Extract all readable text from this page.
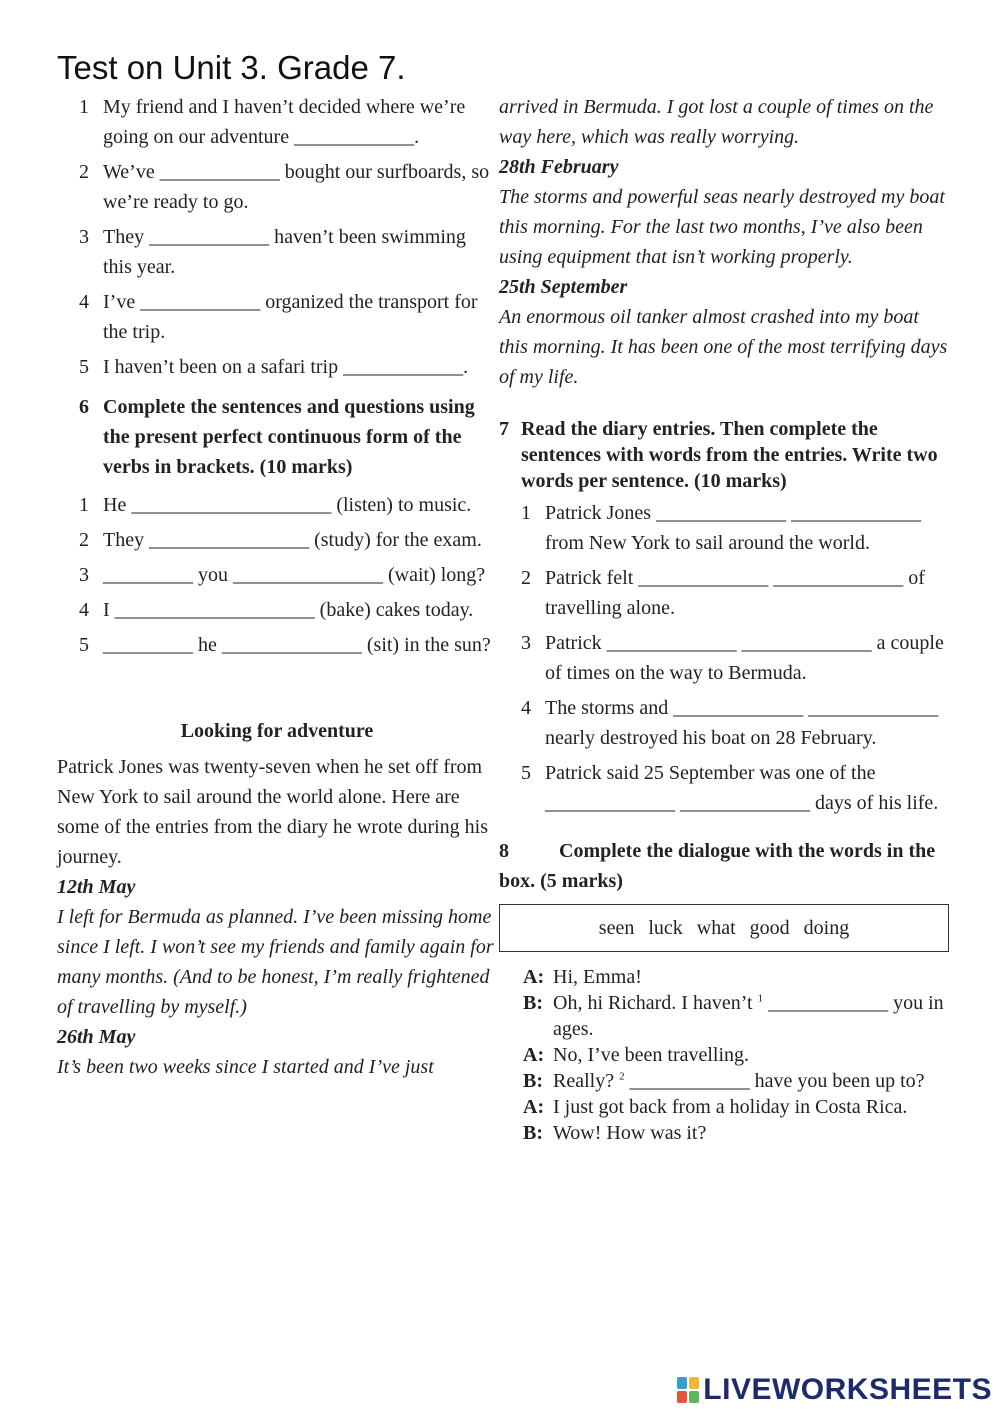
Test on Unit 3. Grade 7.
1 My friend and I haven’t decided where we’re going on our adventure ____________.
2 We’ve ____________ bought our surfboards, so we’re ready to go.
3 They ____________ haven’t been swimming this year.
4 I’ve ____________ organized the transport for the trip.
5 I haven’t been on a safari trip ____________.
6 Complete the sentences and questions using the present perfect continuous form of the verbs in brackets. (10 marks)
1 He ____________________ (listen) to music.
2 They ________________ (study) for the exam.
3 _________ you _______________ (wait) long?
4 I ____________________ (bake) cakes today.
5 _________ he ______________ (sit) in the sun?
Looking for adventure

Patrick Jones was twenty-seven when he set off from New York to sail around the world alone. Here are some of the entries from the diary he wrote during his journey.

12th May

I left for Bermuda as planned. I’ve been missing home since I left. I won’t see my friends and family again for many months. (And to be honest, I’m really frightened of travelling by myself.)

26th May

It’s been two weeks since I started and I’ve just

arrived in Bermuda. I got lost a couple of times on the way here, which was really worrying.

28th February

The storms and powerful seas nearly destroyed my boat this morning. For the last two months, I’ve also been using equipment that isn’t working properly.

25th September

An enormous oil tanker almost crashed into my boat this morning. It has been one of the most terrifying days of my life.

7 Read the diary entries. Then complete the sentences with words from the entries. Write two words per sentence. (10 marks)
1 Patrick Jones _____________ _____________ from New York to sail around the world.
2 Patrick felt _____________ _____________ of travelling alone.
3 Patrick _____________ _____________ a couple of times on the way to Bermuda.
4 The storms and _____________ _____________ nearly destroyed his boat on 28 February.
5 Patrick said 25 September was one of the _____________ _____________ days of his life.
8	Complete the dialogue with the words in the box. (5 marks)
seen luck what good doing
A: Hi, Emma!
B: Oh, hi Richard. I haven’t $^1$ ____________ you in ages.
A: No, I’ve been travelling.
B: Really? $^2$ ____________ have you been up to?
A: I just got back from a holiday in Costa Rica.
B: Wow! How was it?
LIVEWORKSHEETS
